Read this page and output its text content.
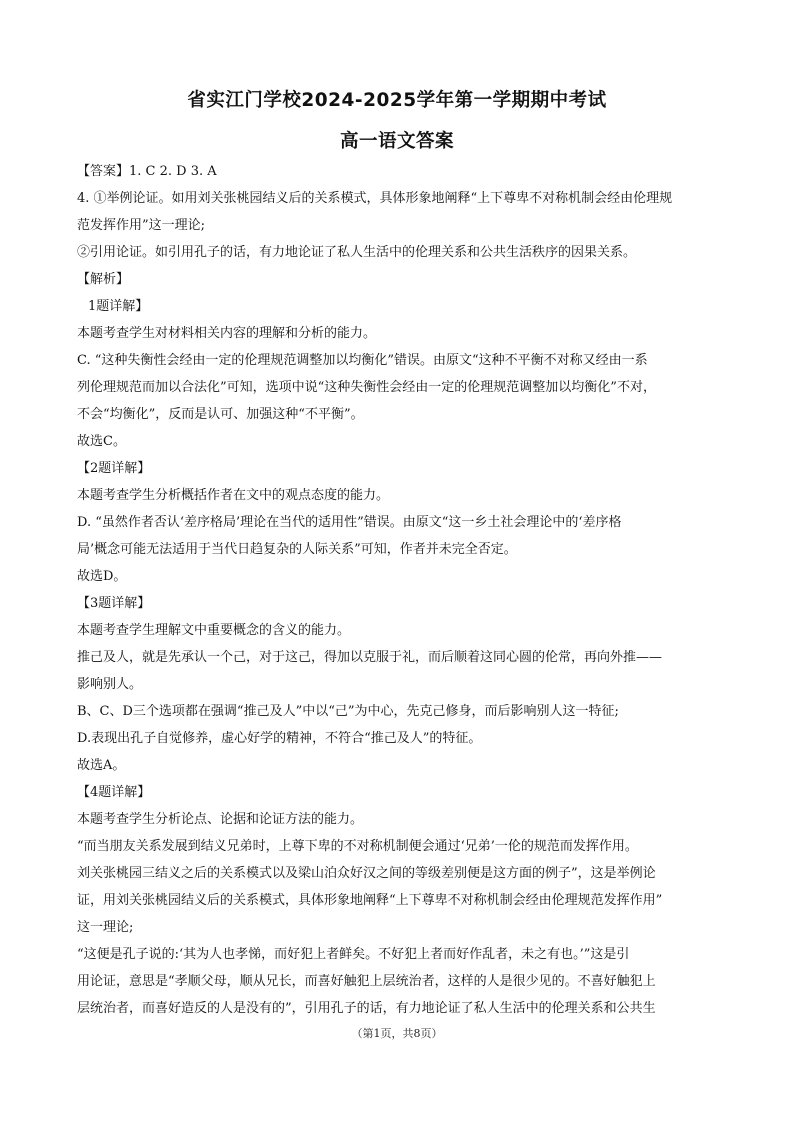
省实江门学校2024-2025学年第一学期期中考试
高一语文答案
【答案】1. C 2. D 3. A
4. ①举例论证。如用刘关张桃园结义后的关系模式，具体形象地阐释“上下尊卑不对称机制会经由伦理规
范发挥作用”这一理论;
②引用论证。如引用孔子的话，有力地论证了私人生活中的伦理关系和公共生活秩序的因果关系。
【解析】
1题详解】
本题考查学生对材料相关内容的理解和分析的能力。
C. “这种失衡性会经由一定的伦理规范调整加以均衡化”错误。由原文“这种不平衡不对称又经由一系
列伦理规范而加以合法化”可知，选项中说“这种失衡性会经由一定的伦理规范调整加以均衡化”不对，
不会“均衡化”，反而是认可、加强这种“不平衡”。
故选C。
【2题详解】
本题考查学生分析概括作者在文中的观点态度的能力。
D. “虽然作者否认‘差序格局’理论在当代的适用性”错误。由原文“这一乡土社会理论中的‘差序格
局’概念可能无法适用于当代日趋复杂的人际关系”可知，作者并未完全否定。
故选D。
【3题详解】
本题考查学生理解文中重要概念的含义的能力。
推己及人，就是先承认一个己，对于这己，得加以克服于礼，而后顺着这同心圆的伦常，再向外推——
影响别人。
B、C、D三个选项都在强调“推己及人”中以“己”为中心，先克己修身，而后影响别人这一特征;
D.表现出孔子自觉修养，虚心好学的精神，不符合“推己及人”的特征。
故选A。
【4题详解】
本题考查学生分析论点、论据和论证方法的能力。
“而当朋友关系发展到结义兄弟时，上尊下卑的不对称机制便会通过‘兄弟’一伦的规范而发挥作用。
刘关张桃园三结义之后的关系模式以及梁山泊众好汉之间的等级差别便是这方面的例子”，这是举例论
证，用刘关张桃园结义后的关系模式，具体形象地阐释“上下尊卑不对称机制会经由伦理规范发挥作用”
这一理论;
“这便是孔子说的:‘其为人也孝悌，而好犯上者鲜矣。不好犯上者而好作乱者，未之有也。’”这是引
用论证，意思是“孝顺父母，顺从兄长，而喜好触犯上层统治者，这样的人是很少见的。不喜好触犯上
层统治者，而喜好造反的人是没有的”，引用孔子的话，有力地论证了私人生活中的伦理关系和公共生
（第1页，共8页）
